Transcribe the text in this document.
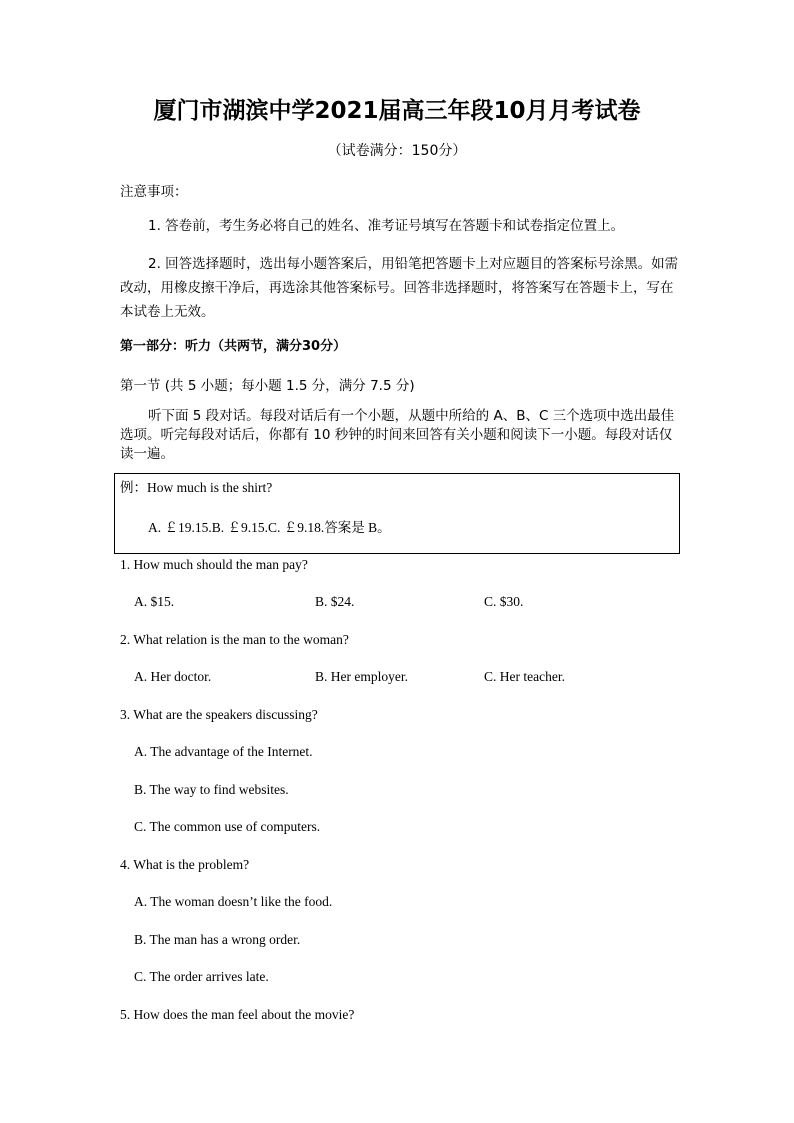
厦门市湖滨中学2021届高三年段10月月考试卷
（试卷满分：150分）
注意事项：
1. 答卷前，考生务必将自己的姓名、准考证号填写在答题卡和试卷指定位置上。
2. 回答选择题时，选出每小题答案后，用铅笔把答题卡上对应题目的答案标号涂黑。如需改动，用橡皮擦干净后，再选涂其他答案标号。回答非选择题时，将答案写在答题卡上，写在本试卷上无效。
第一部分：听力（共两节，满分30分）
第一节 (共 5 小题；每小题 1.5 分，满分 7.5 分)
听下面 5 段对话。每段对话后有一个小题，从题中所给的 A、B、C 三个选项中选出最佳选项。听完每段对话后，你都有 10 秒钟的时间来回答有关小题和阅读下一小题。每段对话仅读一遍。
例：How much is the shirt?
A. ￡19.15.B. ￡9.15.C. ￡9.18.答案是 B。
1. How much should the man pay?
A. $15.	B. $24.	C. $30.
2. What relation is the man to the woman?
A. Her doctor.	B. Her employer.	C. Her teacher.
3. What are the speakers discussing?
A. The advantage of the Internet.
B. The way to find websites.
C. The common use of computers.
4. What is the problem?
A. The woman doesn’t like the food.
B. The man has a wrong order.
C. The order arrives late.
5. How does the man feel about the movie?
